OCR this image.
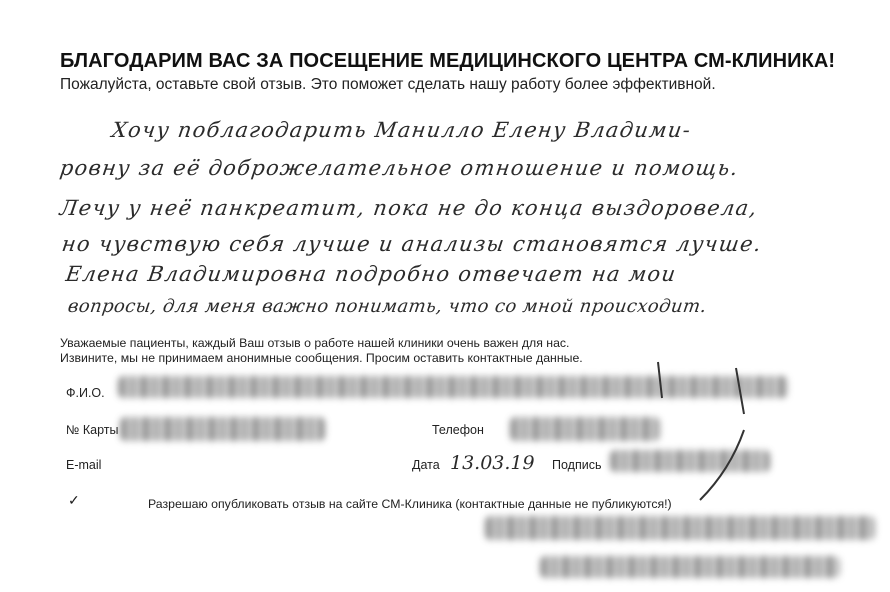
БЛАГОДАРИМ ВАС ЗА ПОСЕЩЕНИЕ МЕДИЦИНСКОГО ЦЕНТРА СМ-КЛИНИКА!
Пожалуйста, оставьте свой отзыв. Это поможет сделать нашу работу более эффективной.
Хочу поблагодарить Манилло Елену Владими-
ровну за её доброжелательное отношение и помощь.
Лечу у неё панкреатит, пока не до конца выздоровела,
но чувствую себя лучше и анализы становятся лучше.
Елена Владимировна подробно отвечает на мои
вопросы, для меня важно понимать, что со мной происходит.
Уважаемые пациенты, каждый Ваш отзыв о работе нашей клиники очень важен для нас.
Извините, мы не принимаем анонимные сообщения. Просим оставить контактные данные.
Ф.И.О.
№ Карты	Телефон
E-mail	Дата 13.03.19 Подпись
✓	Разрешаю опубликовать отзыв на сайте СМ-Клиника (контактные данные не публикуются!)
